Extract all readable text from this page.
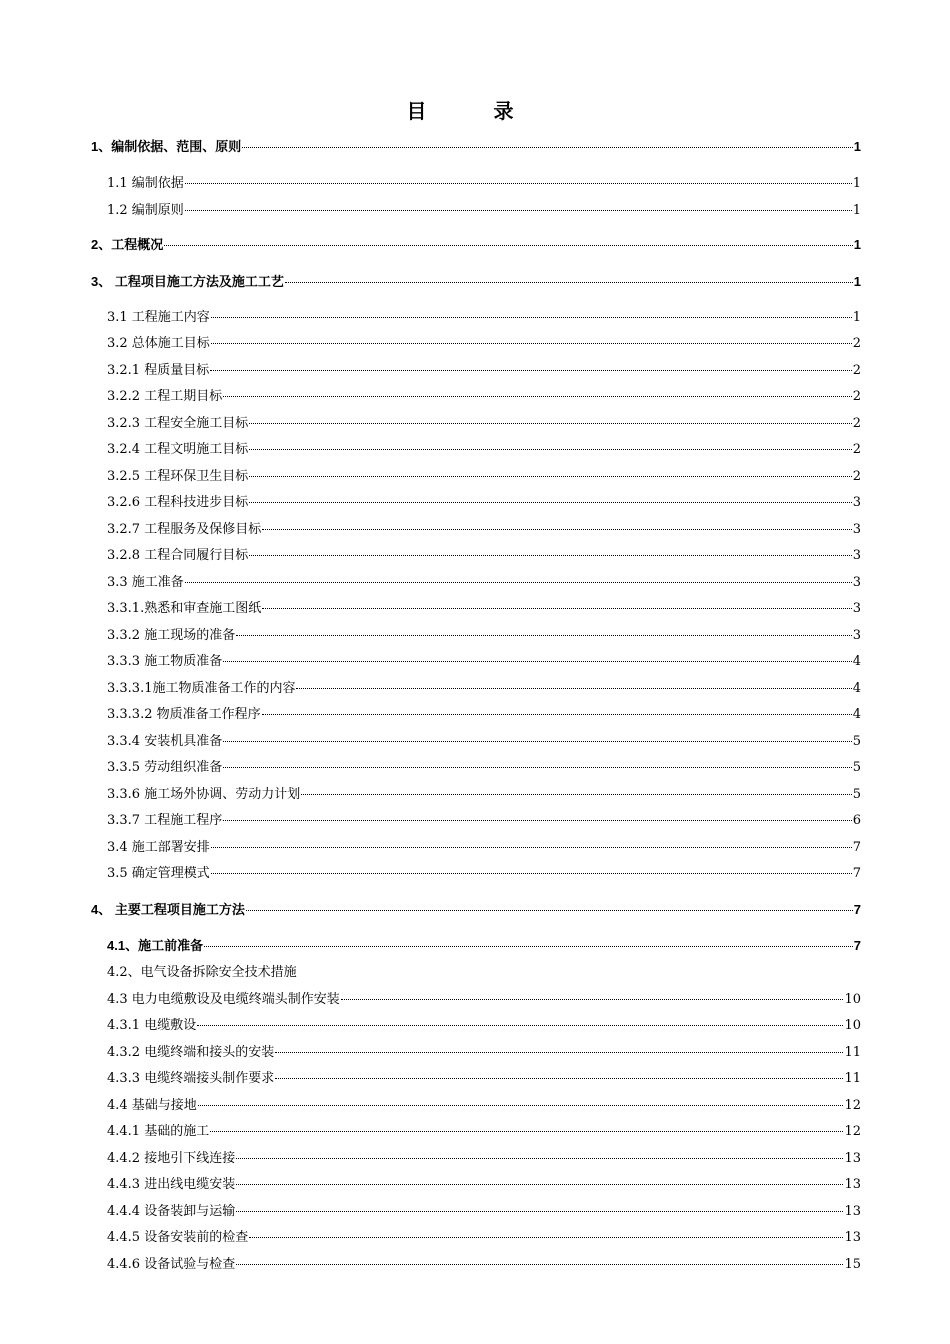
目 录
1、编制依据、范围、原则	1
1.1 编制依据	1
1.2 编制原则	1
2、工程概况	1
3、 工程项目施工方法及施工工艺	1
3.1 工程施工内容	1
3.2 总体施工目标	2
3.2.1 程质量目标	2
3.2.2 工程工期目标	2
3.2.3 工程安全施工目标	2
3.2.4 工程文明施工目标	2
3.2.5 工程环保卫生目标	2
3.2.6 工程科技进步目标	3
3.2.7 工程服务及保修目标	3
3.2.8 工程合同履行目标	3
3.3 施工准备	3
3.3.1.熟悉和审查施工图纸	3
3.3.2 施工现场的准备	3
3.3.3 施工物质准备	4
3.3.3.1施工物质准备工作的内容	4
3.3.3.2 物质准备工作程序	4
3.3.4 安装机具准备	5
3.3.5 劳动组织准备	5
3.3.6 施工场外协调、劳动力计划	5
3.3.7 工程施工程序	6
3.4 施工部署安排	7
3.5 确定管理模式	7
4、 主要工程项目施工方法	7
4.1、施工前准备	7
4.2、电气设备拆除安全技术措施
4.3 电力电缆敷设及电缆终端头制作安装	10
4.3.1 电缆敷设	10
4.3.2 电缆终端和接头的安装	11
4.3.3 电缆终端接头制作要求	11
4.4 基础与接地	12
4.4.1 基础的施工	12
4.4.2 接地引下线连接	13
4.4.3 进出线电缆安装	13
4.4.4 设备装卸与运输	13
4.4.5 设备安装前的检查	13
4.4.6 设备试验与检查	15
